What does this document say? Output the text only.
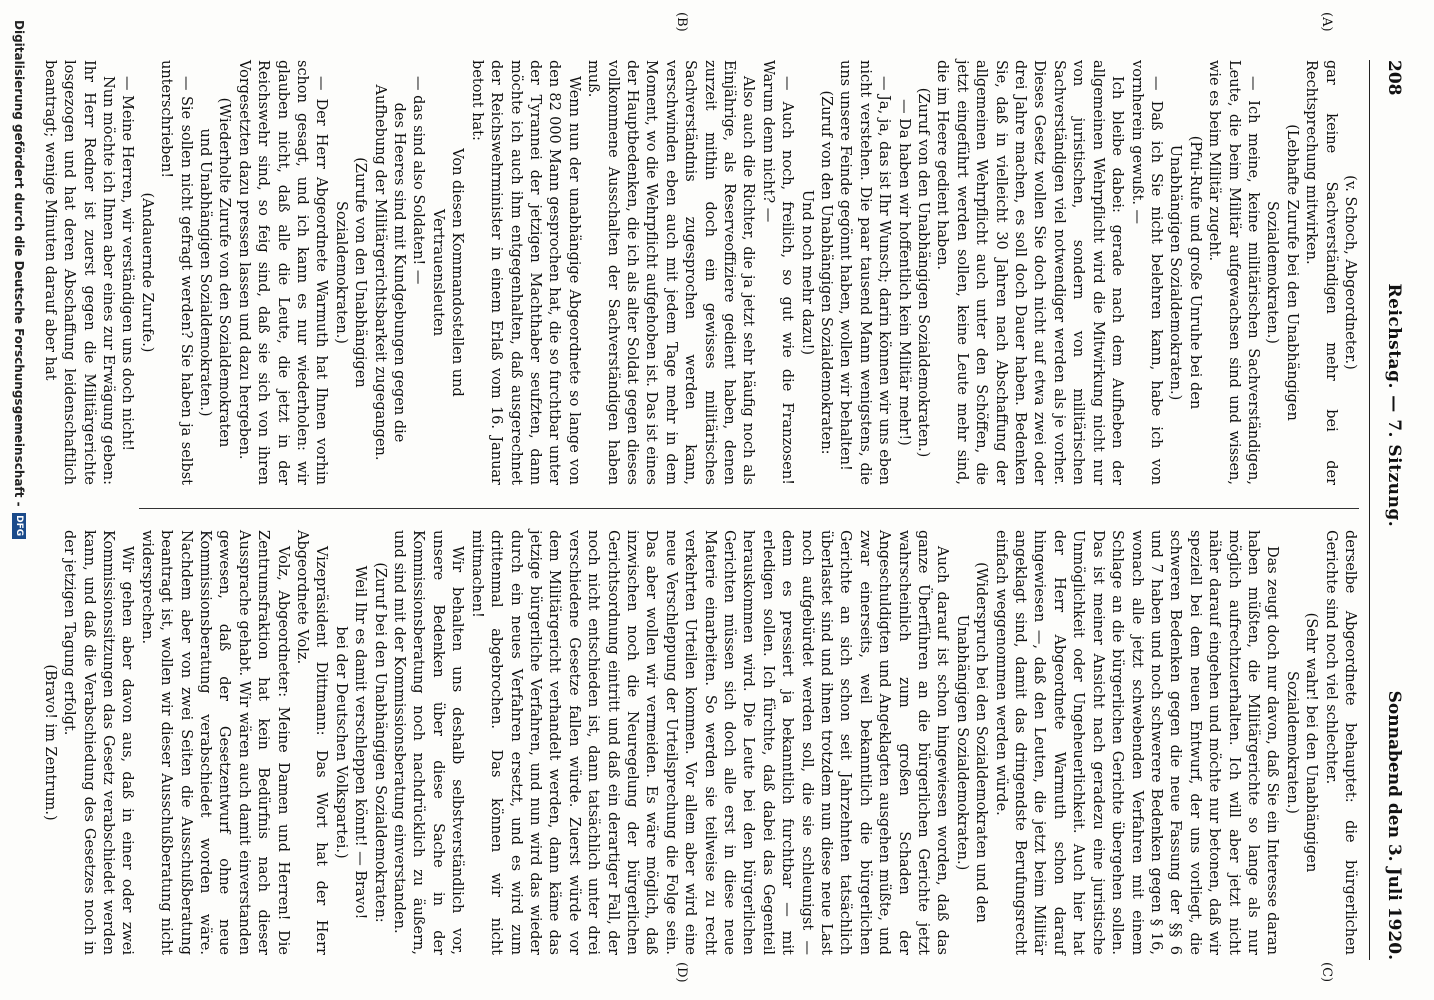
208
Reichstag. — 7. Sitzung.
Sonnabend den 3. Juli 1920.
(A)
(B)
(C)
(D)

(v. Schoch, Abgeordneter.)

gar keine Sachverständigen mehr bei der Rechtsprechung mitwirken.

(Lebhafte Zurufe bei den Unabhängigen Sozialdemokraten.)

— Ich meine, keine militärischen Sachverständigen, Leute, die beim Militär aufgewachsen sind und wissen, wie es beim Militär zugeht.

(Pfui-Rufe und große Unruhe bei den Unabhängigen Sozialdemokraten.)

— Daß ich Sie nicht belehren kann, habe ich von vornherein gewußt. —

Ich bleibe dabei: gerade nach dem Aufheben der allgemeinen Wehrpflicht wird die Mitwirkung nicht nur von juristischen, sondern von militärischen Sachverständigen viel notwendiger werden als je vorher. Dieses Gesetz wollen Sie doch nicht auf etwa zwei oder drei Jahre machen, es soll doch Dauer haben. Bedenken Sie, daß in vielleicht 30 Jahren nach Abschaffung der allgemeinen Wehrpflicht auch unter den Schöffen, die jetzt eingeführt werden sollen, keine Leute mehr sind, die im Heere gedient haben.

(Zuruf von den Unabhängigen Sozialdemokraten.)

— Da haben wir hoffentlich kein Militär mehr!)

— Ja, ja, das ist Ihr Wunsch; darin können wir uns eben nicht verstehen. Die paar tausend Mann wenigstens, die uns unsere Feinde gegönnt haben, wollen wir behalten!

(Zuruf von den Unabhängigen Sozialdemokraten: Und noch mehr dazu!)

— Auch noch, freilich, so gut wie die Franzosen! Warum denn nicht? —

Also auch die Richter, die ja jetzt sehr häufig noch als Einjährige, als Reserveoffiziere gedient haben, denen zurzeit mithin doch ein gewisses militärisches Sachverständnis zugesprochen werden kann, verschwinden eben auch mit jedem Tage mehr in dem Moment, wo die Wehrpflicht aufgehoben ist. Das ist eines der Hauptbedenken, die ich als alter Soldat gegen dieses vollkommene Ausschalten der Sachverständigen haben muß.

Wenn nun der unabhängige Abgeordnete so lange von den 82 000 Mann gesprochen hat, die so furchtbar unter der Tyrannei der jetzigen Machthaber seufzten, dann möchte ich auch ihm entgegenhalten, daß ausgerechnet der Reichswehrminister in einem Erlaß vom 16. Januar betont hat:

Von diesen Kommandostellen und Vertrauensleuten

— das sind also Soldaten! —

des Heeres sind mit Kundgebungen gegen die Aufhebung der Militärgerichtsbarkeit zugegangen.

(Zurufe von den Unabhängigen Sozialdemokraten.)

— Der Herr Abgeordnete Warmuth hat Ihnen vorhin schon gesagt, und ich kann es nur wiederholen: wir glauben nicht, daß alle die Leute, die jetzt in der Reichswehr sind, so feig sind, daß sie sich von ihren Vorgesetzten dazu pressen lassen und dazu hergeben.

(Wiederholte Zurufe von den Sozialdemokraten und Unabhängigen Sozialdemokraten.)

— Sie sollen nicht gefragt werden? Sie haben ja selbst unterschrieben!

(Andauernde Zurufe.)

— Meine Herren, wir verständigen uns doch nicht!

Nun möchte ich Ihnen aber eines zur Erwägung geben: Ihr Herr Redner ist zuerst gegen die Militärgerichte losgezogen und hat deren Abschaffung leidenschaftlich beantragt; wenige Minuten darauf aber hat

derselbe Abgeordnete behauptet: die bürgerlichen Gerichte sind noch viel schlechter.

(Sehr wahr! bei den Unabhängigen Sozialdemokraten.)

Das zeugt doch nur davon, daß Sie ein Interesse daran haben müßten, die Militärgerichte so lange als nur möglich aufrechtzuerhalten. Ich will aber jetzt nicht näher darauf eingehen und möchte nur betonen, daß wir speziell bei dem neuen Entwurf, der uns vorliegt, die schweren Bedenken gegen die neue Fassung der §§ 6 und 7 haben und noch schwerere Bedenken gegen § 16, wonach alle jetzt schwebenden Verfahren mit einem Schlage an die bürgerlichen Gerichte übergehen sollen. Das ist meiner Ansicht nach geradezu eine juristische Unmöglichkeit oder Ungeheuerlichkeit. Auch hier hat der Herr Abgeordnete Warmuth schon darauf hingewiesen —, daß den Leuten, die jetzt beim Militär angeklagt sind, damit das dringendste Berufungsrecht einfach weggenommen werden würde.

(Widerspruch bei den Sozialdemokraten und den Unabhängigen Sozialdemokraten.)

Auch darauf ist schon hingewiesen worden, daß das ganze Überführen an die bürgerlichen Gerichte jetzt wahrscheinlich zum großen Schaden der Angeschuldigten und Angeklagten ausgehen müßte, und zwar einerseits, weil bekanntlich die bürgerlichen Gerichte an sich schon seit Jahrzehnten tatsächlich überlastet sind und ihnen trotzdem nun diese neue Last noch aufgebürdet werden soll, die sie schleunigst — denn es pressiert ja bekanntlich furchtbar — mit erledigen sollen. Ich fürchte, daß dabei das Gegenteil herauskommen wird. Die Leute bei den bürgerlichen Gerichten müssen sich doch alle erst in diese neue Materie einarbeiten. So werden sie teilweise zu recht verkehrten Urteilen kommen. Vor allem aber wird eine neue Verschleppung der Urteilsprechung die Folge sein. Das aber wollen wir vermeiden. Es wäre möglich, daß inzwischen noch die Neuregelung der bürgerlichen Gerichtsordnung eintritt und daß ein derartiger Fall, der noch nicht entschieden ist, dann tatsächlich unter drei verschiedene Gesetze fallen würde. Zuerst würde vor dem Militärgericht verhandelt werden, dann käme das jetzige bürgerliche Verfahren, und nun wird das wieder durch ein neues Verfahren ersetzt, und es wird zum drittenmal abgebrochen. Das können wir nicht mitmachen!

Wir behalten uns deshalb selbstverständlich vor, unsere Bedenken über diese Sache in der Kommissionsberatung noch nachdrücklich zu äußern, und sind mit der Kommissionsberatung einverstanden.

(Zuruf bei den Unabhängigen Sozialdemokraten: Weil Ihr es damit verschleppen könnt! — Bravo! bei der Deutschen Volkspartei.)

Vizepräsident Dittmann: Das Wort hat der Herr Abgeordnete Volz.

Volz, Abgeordneter: Meine Damen und Herren! Die Zentrumsfraktion hat kein Bedürfnis nach dieser Aussprache gehabt. Wir wären auch damit einverstanden gewesen, daß der Gesetzentwurf ohne neue Kommissionsberatung verabschiedet worden wäre. Nachdem aber von zwei Seiten die Ausschußberatung beantragt ist, wollen wir dieser Ausschußberatung nicht widersprechen.

Wir gehen aber davon aus, daß in einer oder zwei Kommissionssitzungen das Gesetz verabschiedet werden kann, und daß die Verabschiedung des Gesetzes noch in der jetzigen Tagung erfolgt.

(Bravo! im Zentrum.)

Digitalisierung gefördert durch die Deutsche Forschungsgemeinschaft -
DFG
